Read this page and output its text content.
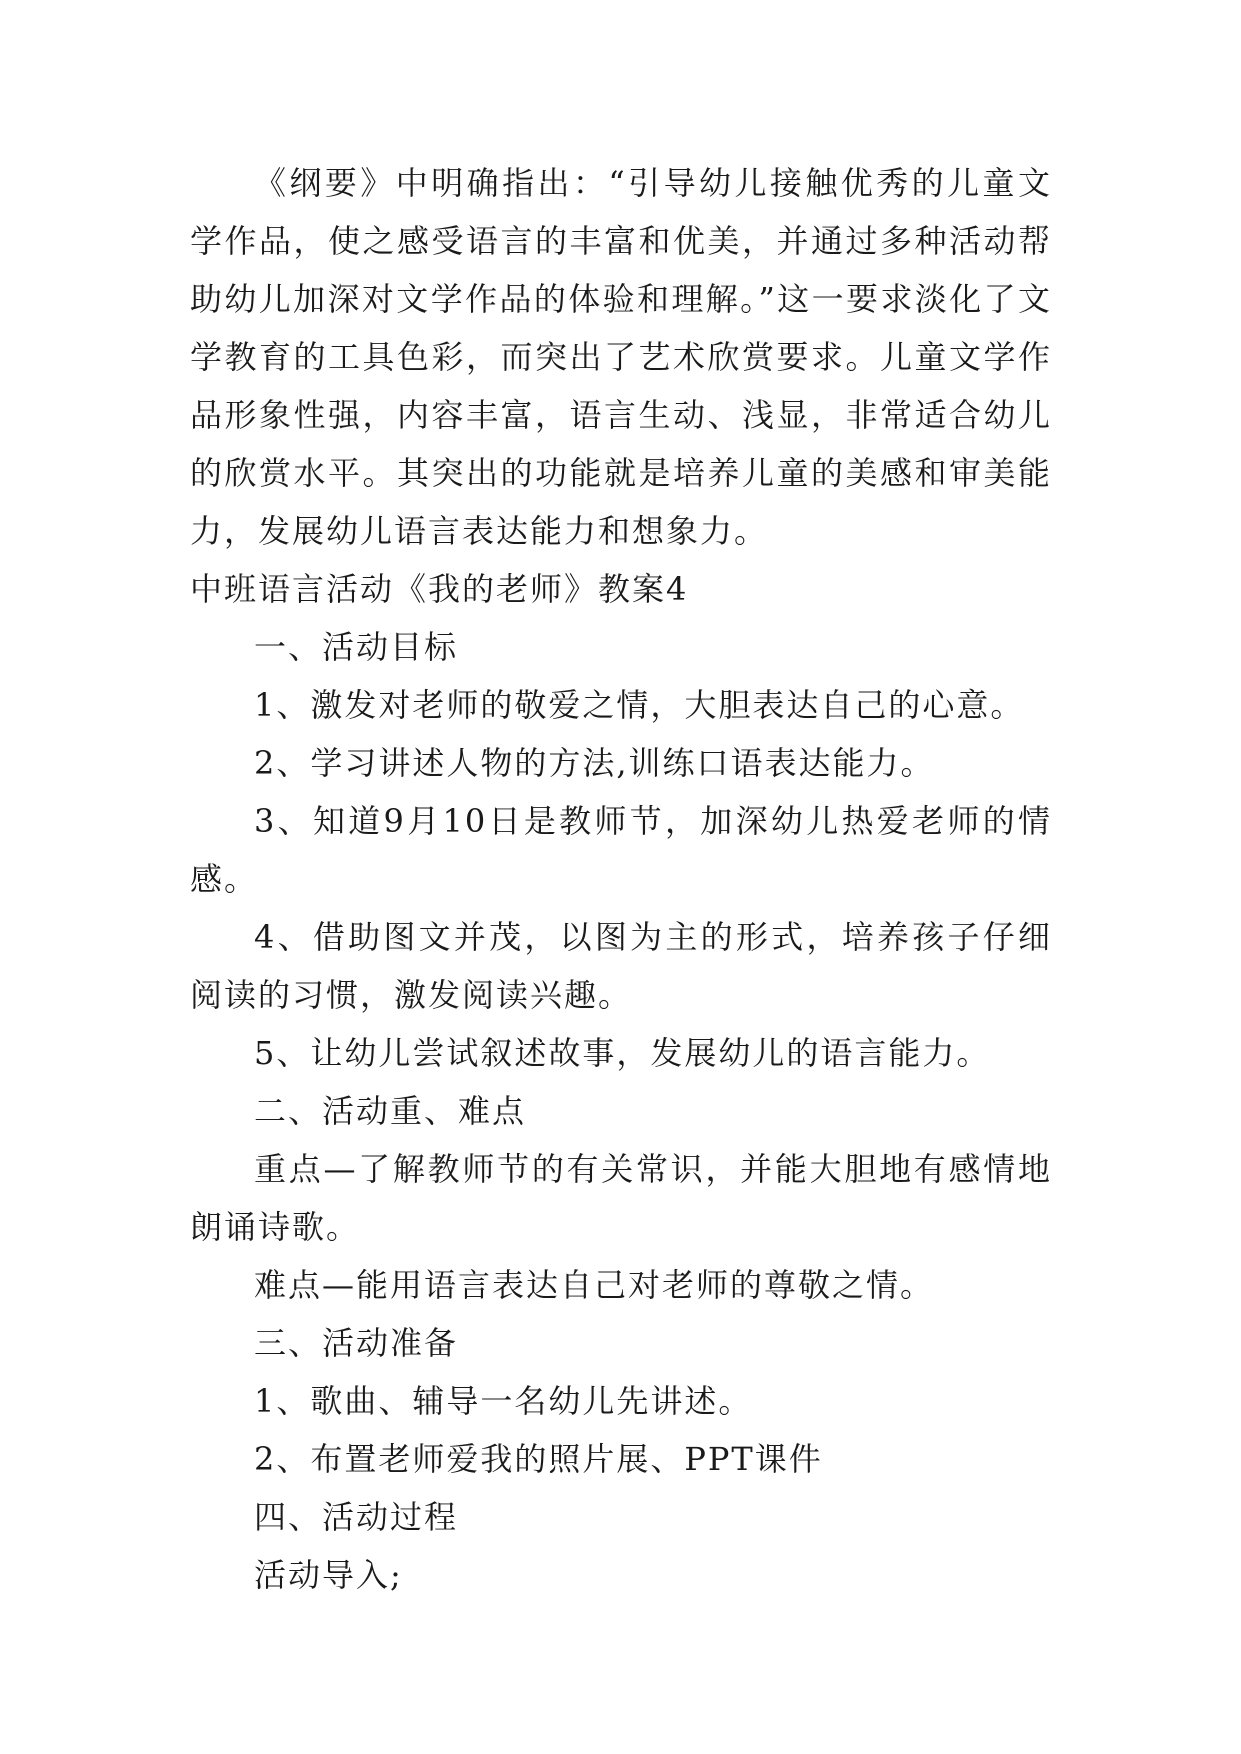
《纲要》中明确指出：“引导幼儿接触优秀的儿童文学作品，使之感受语言的丰富和优美，并通过多种活动帮助幼儿加深对文学作品的体验和理解。”这一要求淡化了文学教育的工具色彩，而突出了艺术欣赏要求。儿童文学作品形象性强，内容丰富，语言生动、浅显，非常适合幼儿的欣赏水平。其突出的功能就是培养儿童的美感和审美能力，发展幼儿语言表达能力和想象力。

中班语言活动《我的老师》教案4

一、活动目标

1、激发对老师的敬爱之情，大胆表达自己的心意。

2、学习讲述人物的方法,训练口语表达能力。

3、知道9月10日是教师节，加深幼儿热爱老师的情感。

4、借助图文并茂，以图为主的形式，培养孩子仔细阅读的习惯，激发阅读兴趣。

5、让幼儿尝试叙述故事，发展幼儿的语言能力。

二、活动重、难点

重点—了解教师节的有关常识，并能大胆地有感情地朗诵诗歌。

难点—能用语言表达自己对老师的尊敬之情。

三、活动准备

1、歌曲、辅导一名幼儿先讲述。

2、布置老师爱我的照片展、PPT课件

四、活动过程

活动导入;
